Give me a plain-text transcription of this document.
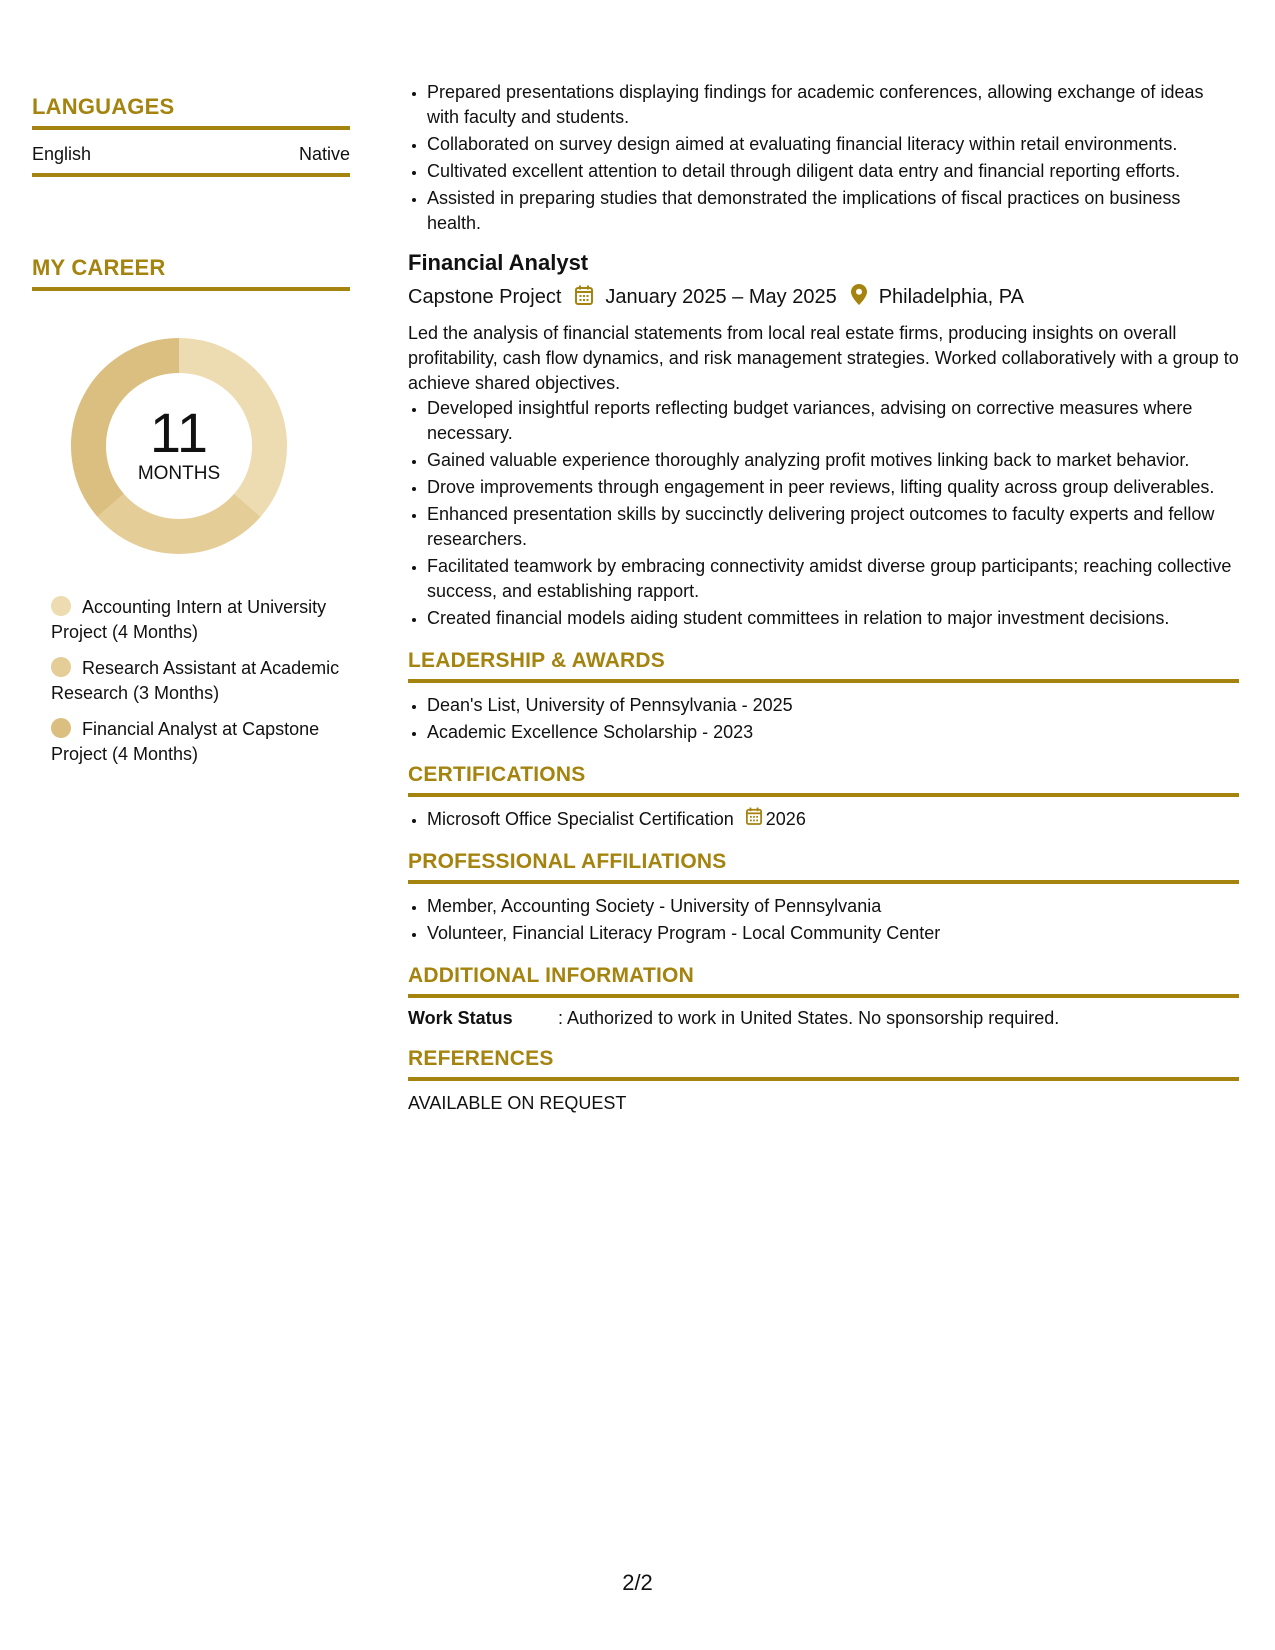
LANGUAGES
English	Native
MY CAREER
11
MONTHS
Accounting Intern at University Project (4 Months)
Research Assistant at Academic Research (3 Months)
Financial Analyst at Capstone Project (4 Months)
• Prepared presentations displaying findings for academic conferences, allowing exchange of ideas with faculty and students.
• Collaborated on survey design aimed at evaluating financial literacy within retail environments.
• Cultivated excellent attention to detail through diligent data entry and financial reporting efforts.
• Assisted in preparing studies that demonstrated the implications of fiscal practices on business health.
Financial Analyst
Capstone Project January 2025 – May 2025 Philadelphia, PA
Led the analysis of financial statements from local real estate firms, producing insights on overall profitability, cash flow dynamics, and risk management strategies. Worked collaboratively with a group to achieve shared objectives.
• Developed insightful reports reflecting budget variances, advising on corrective measures where necessary.
• Gained valuable experience thoroughly analyzing profit motives linking back to market behavior.
• Drove improvements through engagement in peer reviews, lifting quality across group deliverables.
• Enhanced presentation skills by succinctly delivering project outcomes to faculty experts and fellow researchers.
• Facilitated teamwork by embracing connectivity amidst diverse group participants; reaching collective success, and establishing rapport.
• Created financial models aiding student committees in relation to major investment decisions.
LEADERSHIP & AWARDS
• Dean's List, University of Pennsylvania - 2025
• Academic Excellence Scholarship - 2023
CERTIFICATIONS
• Microsoft Office Specialist Certification 2026
PROFESSIONAL AFFILIATIONS
• Member, Accounting Society - University of Pennsylvania
• Volunteer, Financial Literacy Program - Local Community Center
ADDITIONAL INFORMATION
Work Status	: Authorized to work in United States. No sponsorship required.
REFERENCES
AVAILABLE ON REQUEST
2/2
